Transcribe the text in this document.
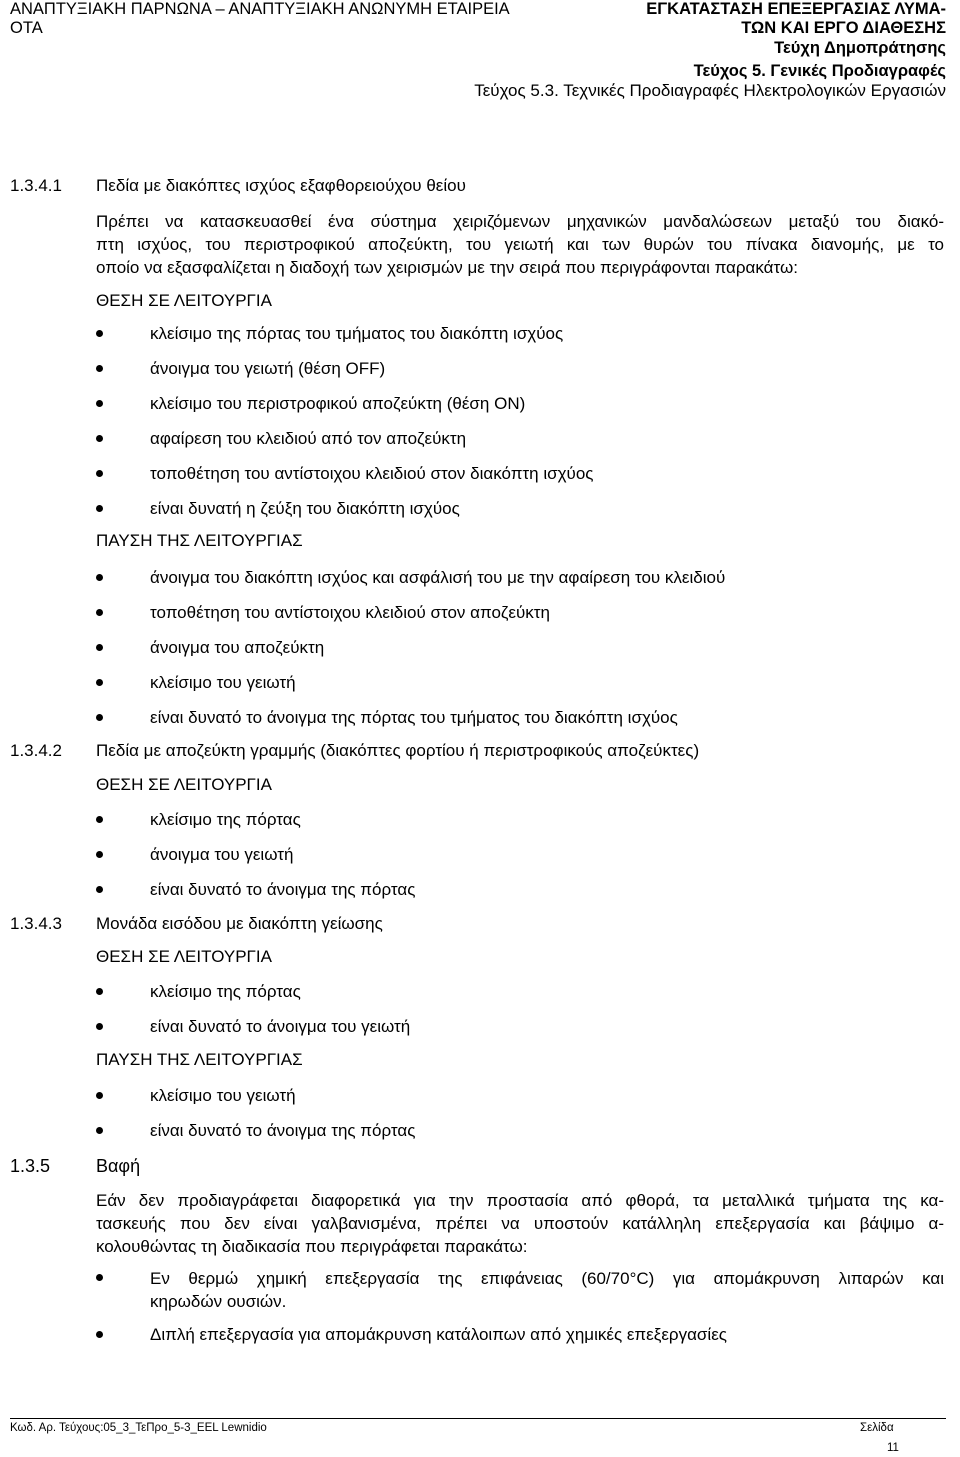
ΑΝΑΠΤΥΞΙΑΚΗ ΠΑΡΝΩΝΑ – ΑΝΑΠΤΥΞΙΑΚΗ ΑΝΩΝΥΜΗ ΕΤΑΙΡΕΙΑ
ΟΤΑ
ΕΓΚΑΤΑΣΤΑΣΗ ΕΠΕΞΕΡΓΑΣΙΑΣ ΛΥΜΑ-
ΤΩΝ ΚΑΙ ΕΡΓΟ ΔΙΑΘΕΣΗΣ
Τεύχη Δημοπράτησης
Τεύχος 5. Γενικές Προδιαγραφές
Τεύχος 5.3. Τεχνικές Προδιαγραφές Ηλεκτρολογικών Εργασιών
1.3.4.1 Πεδία με διακόπτες ισχύος εξαφθορειούχου θείου
Πρέπει να κατασκευασθεί ένα σύστημα χειριζόμενων μηχανικών μανδαλώσεων μεταξύ του διακό-
πτη ισχύος, του περιστροφικού αποζεύκτη, του γειωτή και των θυρών του πίνακα διανομής, με το
οποίο να εξασφαλίζεται η διαδοχή των χειρισμών με την σειρά που περιγράφονται παρακάτω:
ΘΕΣΗ ΣΕ ΛΕΙΤΟΥΡΓΙΑ
κλείσιμο της πόρτας του τμήματος του διακόπτη ισχύος
άνοιγμα του γειωτή (θέση OFF)
κλείσιμο του περιστροφικού αποζεύκτη (θέση ON)
αφαίρεση του κλειδιού από τον αποζεύκτη
τοποθέτηση του αντίστοιχου κλειδιού στον διακόπτη ισχύος
είναι δυνατή η ζεύξη του διακόπτη ισχύος
ΠΑΥΣΗ ΤΗΣ ΛΕΙΤΟΥΡΓΙΑΣ
άνοιγμα του διακόπτη ισχύος και ασφάλισή του με την αφαίρεση του κλειδιού
τοποθέτηση του αντίστοιχου κλειδιού στον αποζεύκτη
άνοιγμα του αποζεύκτη
κλείσιμο του γειωτή
είναι δυνατό το άνοιγμα της πόρτας του τμήματος του διακόπτη ισχύος
1.3.4.2 Πεδία με αποζεύκτη γραμμής (διακόπτες φορτίου ή περιστροφικούς αποζεύκτες)
ΘΕΣΗ ΣΕ ΛΕΙΤΟΥΡΓΙΑ
κλείσιμο της πόρτας
άνοιγμα του γειωτή
είναι δυνατό το άνοιγμα της πόρτας
1.3.4.3 Μονάδα εισόδου με διακόπτη γείωσης
ΘΕΣΗ ΣΕ ΛΕΙΤΟΥΡΓΙΑ
κλείσιμο της πόρτας
είναι δυνατό το άνοιγμα του γειωτή
ΠΑΥΣΗ ΤΗΣ ΛΕΙΤΟΥΡΓΙΑΣ
κλείσιμο του γειωτή
είναι δυνατό το άνοιγμα της πόρτας
1.3.5	Βαφή
Εάν δεν προδιαγράφεται διαφορετικά για την προστασία από φθορά, τα μεταλλικά τμήματα της κα-
τασκευής που δεν είναι γαλβανισμένα, πρέπει να υποστούν κατάλληλη επεξεργασία και βάψιμο α-
κολουθώντας τη διαδικασία που περιγράφεται παρακάτω:
Εν θερμώ χημική επεξεργασία της επιφάνειας (60/70°C) για απομάκρυνση λιπαρών και
κηρωδών ουσιών.
Διπλή επεξεργασία για απομάκρυνση κατάλοιπων από χημικές επεξεργασίες
Κωδ. Αρ. Τεύχους:05_3_ΤεΠρο_5-3_EEL Lewnidio	Σελίδα
11
